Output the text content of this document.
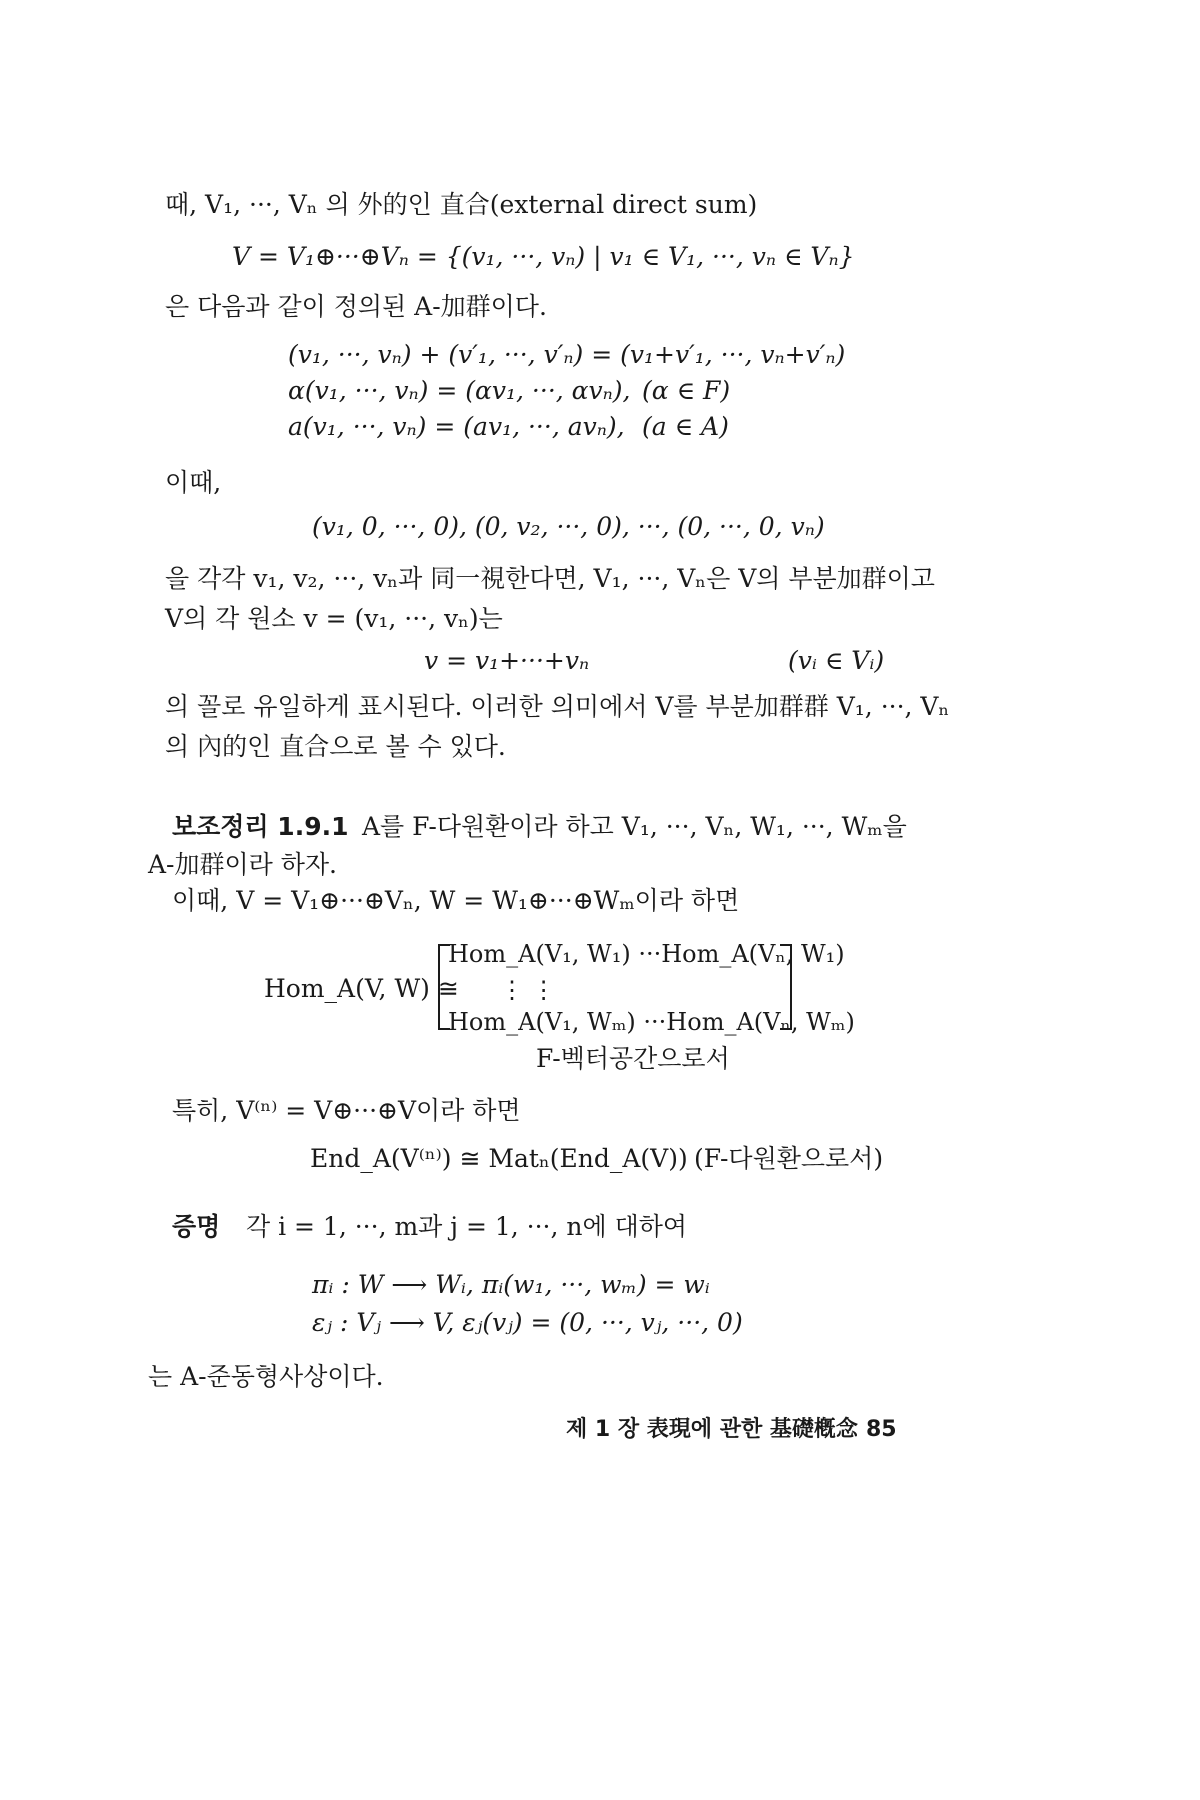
때, V₁, ···, Vₙ 의 外的인 直合(external direct sum)
V = V₁⊕···⊕Vₙ = {(v₁, ···, vₙ) | v₁ ∈ V₁, ···, vₙ ∈ Vₙ}
은 다음과 같이 정의된 A-加群이다.
(v₁, ···, vₙ) + (v′₁, ···, v′ₙ) = (v₁+v′₁, ···, vₙ+v′ₙ)
α(v₁, ···, vₙ) = (αv₁, ···, αvₙ), (α ∈ F)
a(v₁, ···, vₙ) = (av₁, ···, avₙ), (a ∈ A)
이때,
(v₁, 0, ···, 0), (0, v₂, ···, 0), ···, (0, ···, 0, vₙ)
을 각각 v₁, v₂, ···, vₙ과 同一視한다면, V₁, ···, Vₙ은 V의 부분加群이고
V의 각 원소 v = (v₁, ···, vₙ)는
v = v₁+···+vₙ	(vᵢ ∈ Vᵢ)
의 꼴로 유일하게 표시된다. 이러한 의미에서 V를 부분加群群 V₁, ···, Vₙ
의 內的인 直合으로 볼 수 있다.
보조정리 1.9.1 A를 F-다원환이라 하고 V₁, ···, Vₙ, W₁, ···, Wₘ을
A-加群이라 하자.
이때, V = V₁⊕···⊕Vₙ, W = W₁⊕···⊕Wₘ이라 하면
Hom_A(V, W) ≅
Hom_A(V₁, W₁) ···Hom_A(Vₙ, W₁)
⋮ ⋮
Hom_A(V₁, Wₘ) ···Hom_A(Vₙ, Wₘ)
F-벡터공간으로서
특히, V⁽ⁿ⁾ = V⊕···⊕V이라 하면
End_A(V⁽ⁿ⁾) ≅ Matₙ(End_A(V)) (F-다원환으로서)
증명 각 i = 1, ···, m과 j = 1, ···, n에 대하여
πᵢ : W ⟶ Wᵢ, πᵢ(w₁, ···, wₘ) = wᵢ
εⱼ : Vⱼ ⟶ V, εⱼ(vⱼ) = (0, ···, vⱼ, ···, 0)
는 A-준동형사상이다.
제 1 장 表現에 관한 基礎槪念 85
